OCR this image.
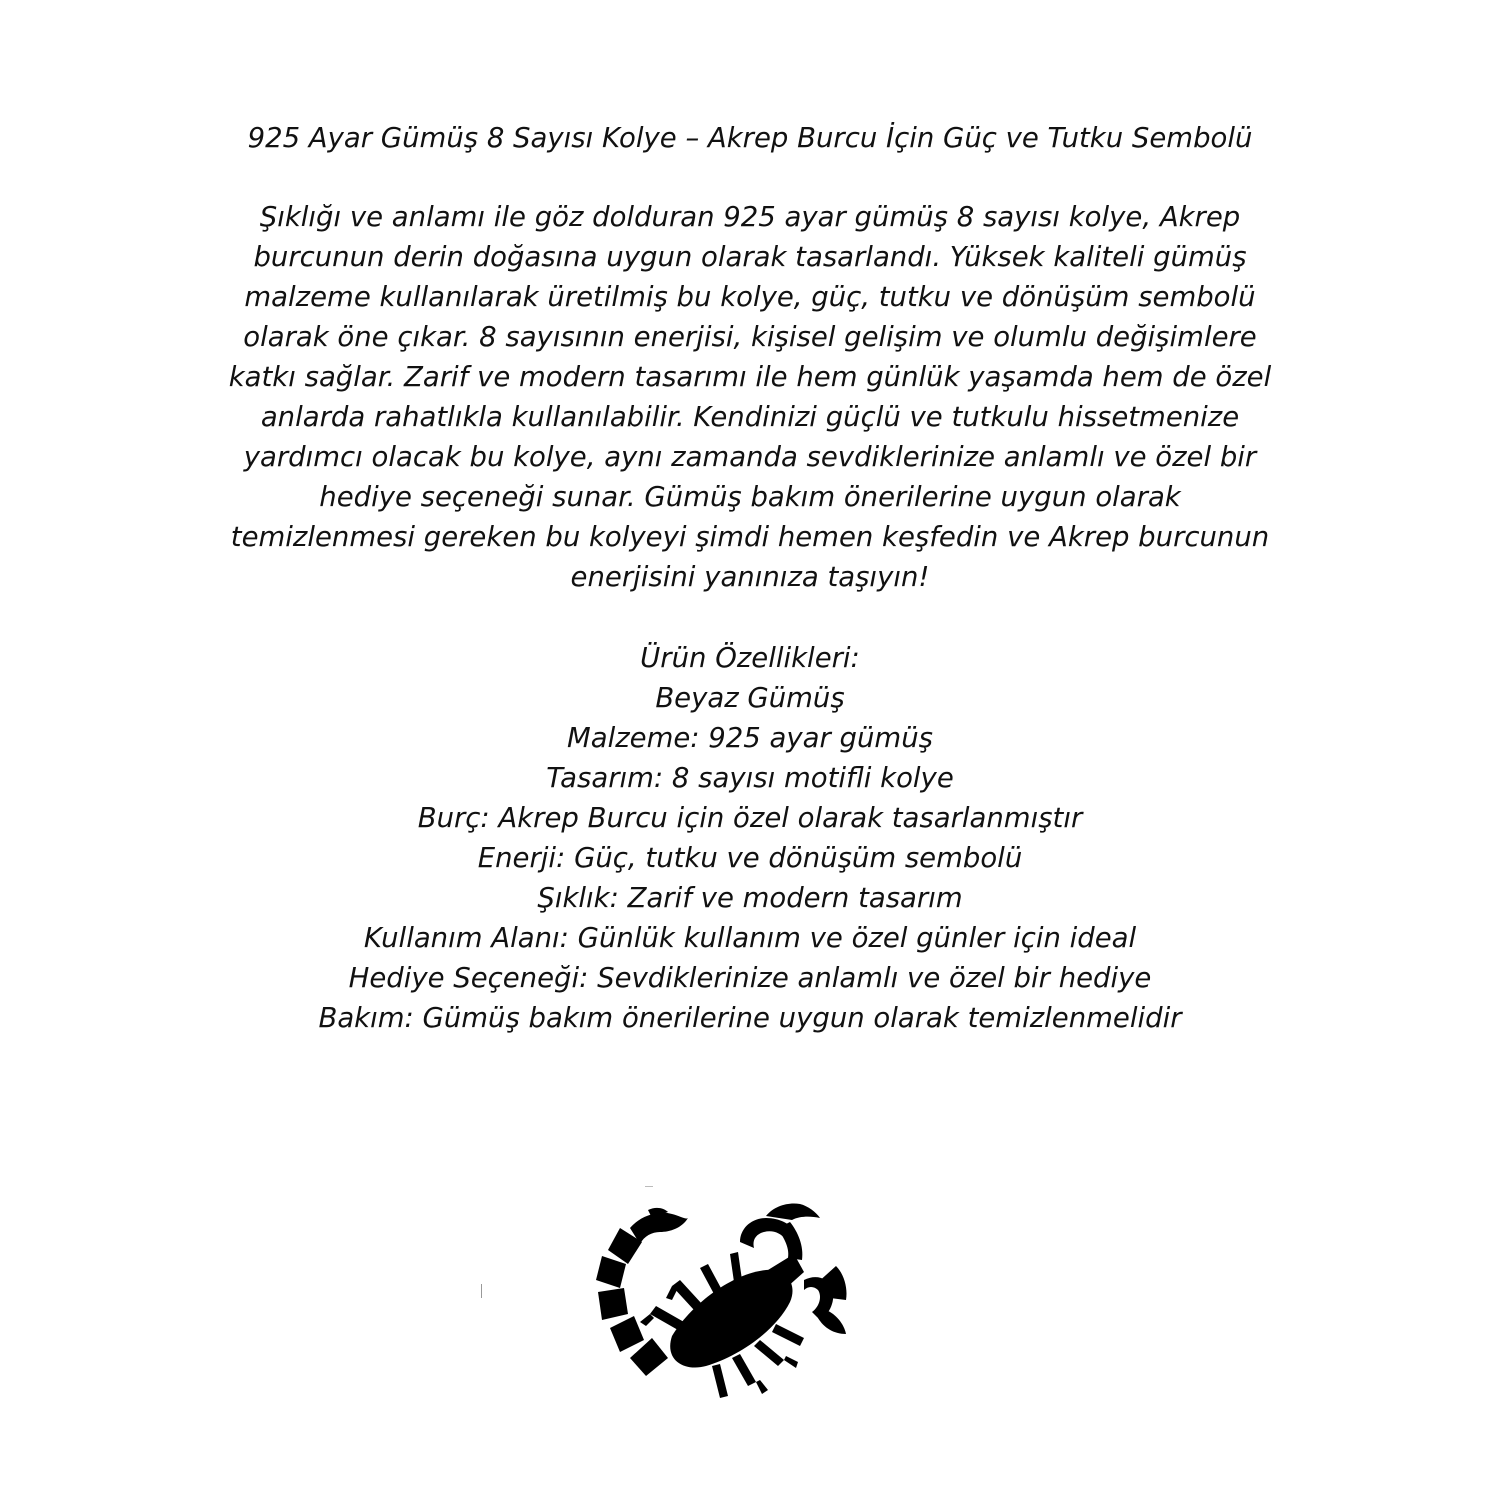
925 Ayar Gümüş 8 Sayısı Kolye – Akrep Burcu İçin Güç ve Tutku Sembolü
Şıklığı ve anlamı ile göz dolduran 925 ayar gümüş 8 sayısı kolye, Akrep
burcunun derin doğasına uygun olarak tasarlandı. Yüksek kaliteli gümüş
malzeme kullanılarak üretilmiş bu kolye, güç, tutku ve dönüşüm sembolü
olarak öne çıkar. 8 sayısının enerjisi, kişisel gelişim ve olumlu değişimlere
katkı sağlar. Zarif ve modern tasarımı ile hem günlük yaşamda hem de özel
anlarda rahatlıkla kullanılabilir. Kendinizi güçlü ve tutkulu hissetmenize
yardımcı olacak bu kolye, aynı zamanda sevdiklerinize anlamlı ve özel bir
hediye seçeneği sunar. Gümüş bakım önerilerine uygun olarak
temizlenmesi gereken bu kolyeyi şimdi hemen keşfedin ve Akrep burcunun
enerjisini yanınıza taşıyın!
Ürün Özellikleri:
Beyaz Gümüş
Malzeme: 925 ayar gümüş
Tasarım: 8 sayısı motifli kolye
Burç: Akrep Burcu için özel olarak tasarlanmıştır
Enerji: Güç, tutku ve dönüşüm sembolü
Şıklık: Zarif ve modern tasarım
Kullanım Alanı: Günlük kullanım ve özel günler için ideal
Hediye Seçeneği: Sevdiklerinize anlamlı ve özel bir hediye
Bakım: Gümüş bakım önerilerine uygun olarak temizlenmelidir
